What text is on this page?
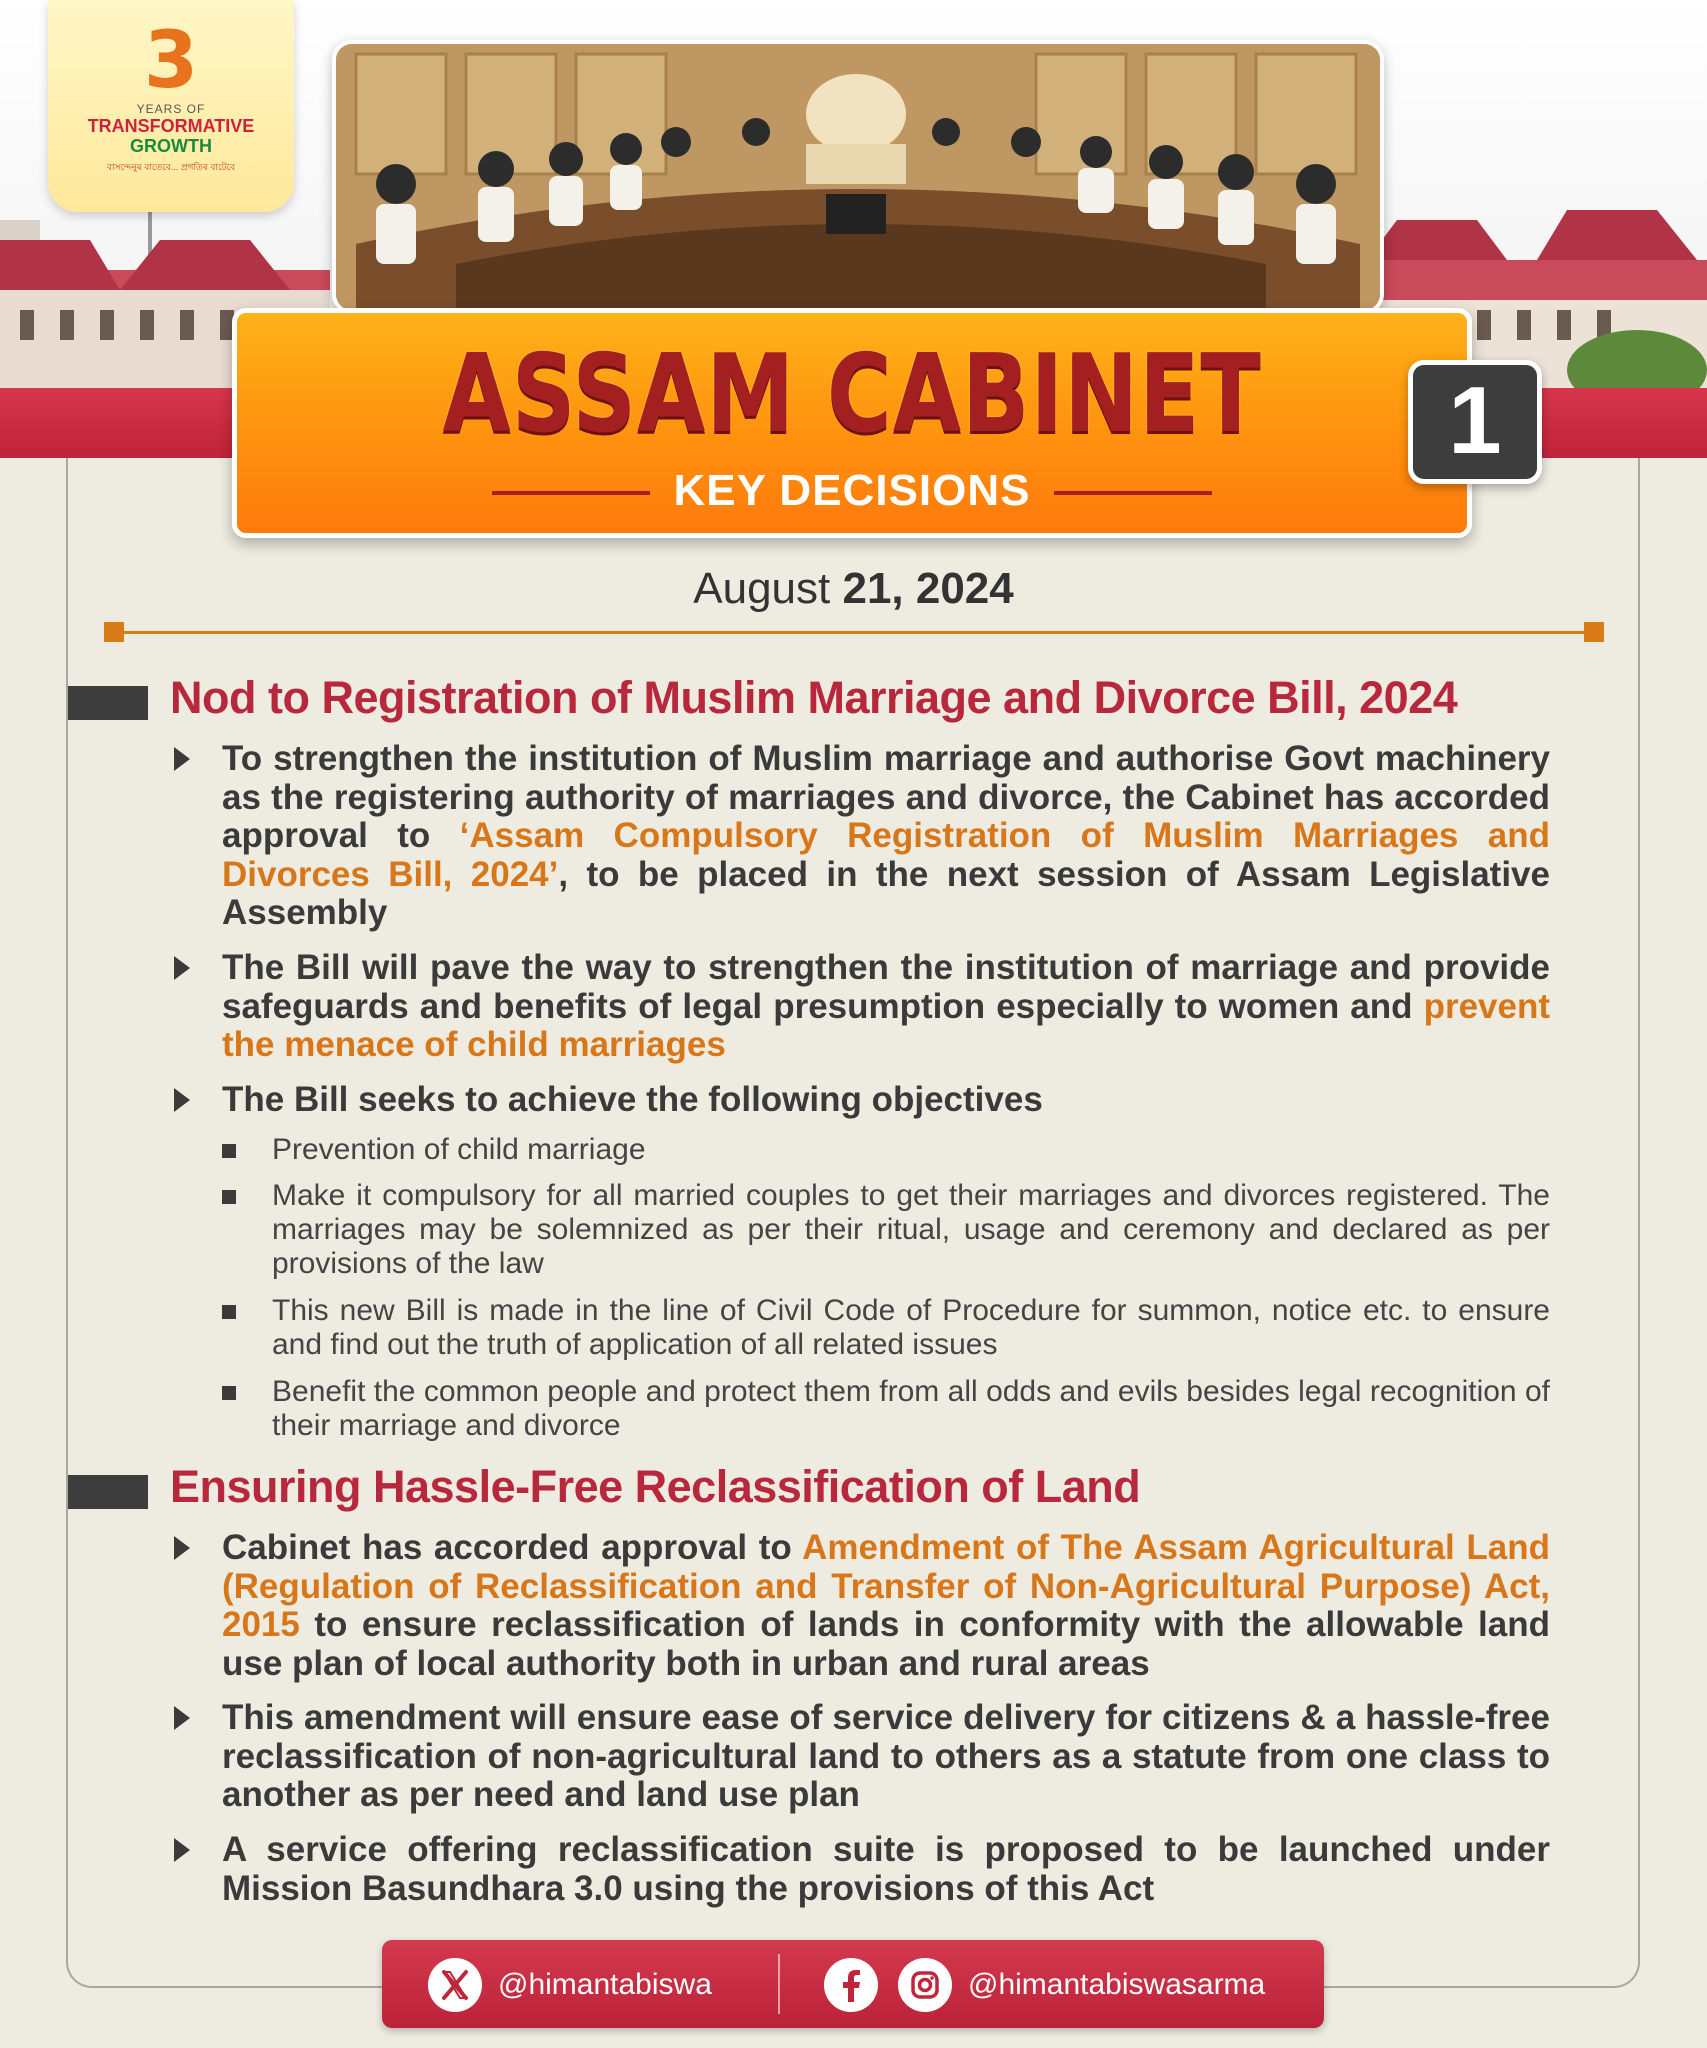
3
YEARS OF
TRANSFORMATIVE
GROWTH
বাসন্দেনুৰ বাতেবে... প্ৰগতিৰ বাটেবে
ASSAM CABINET
KEY DECISIONS
1
August 21, 2024
Nod to Registration of Muslim Marriage and Divorce Bill, 2024
To strengthen the institution of Muslim marriage and authorise Govt machinery as the registering authority of marriages and divorce, the Cabinet has accorded approval to ‘Assam Compulsory Registration of Muslim Marriages and Divorces Bill, 2024’, to be placed in the next session of Assam Legislative Assembly
The Bill will pave the way to strengthen the institution of marriage and provide safeguards and benefits of legal presumption especially to women and prevent the menace of child marriages
The Bill seeks to achieve the following objectives
Prevention of child marriage
Make it compulsory for all married couples to get their marriages and divorces registered. The marriages may be solemnized as per their ritual, usage and ceremony and declared as per provisions of the law
This new Bill is made in the line of Civil Code of Procedure for summon, notice etc. to ensure and find out the truth of application of all related issues
Benefit the common people and protect them from all odds and evils besides legal recognition of their marriage and divorce
Ensuring Hassle-Free Reclassification of Land
Cabinet has accorded approval to Amendment of The Assam Agricultural Land (Regulation of Reclassification and Transfer of Non-Agricultural Purpose) Act, 2015 to ensure reclassification of lands in conformity with the allowable land use plan of local authority both in urban and rural areas
This amendment will ensure ease of service delivery for citizens & a hassle-free reclassification of non-agricultural land to others as a statute from one class to another as per need and land use plan
A service offering reclassification suite is proposed to be launched under Mission Basundhara 3.0 using the provisions of this Act
@himantabiswa	@himantabiswasarma
